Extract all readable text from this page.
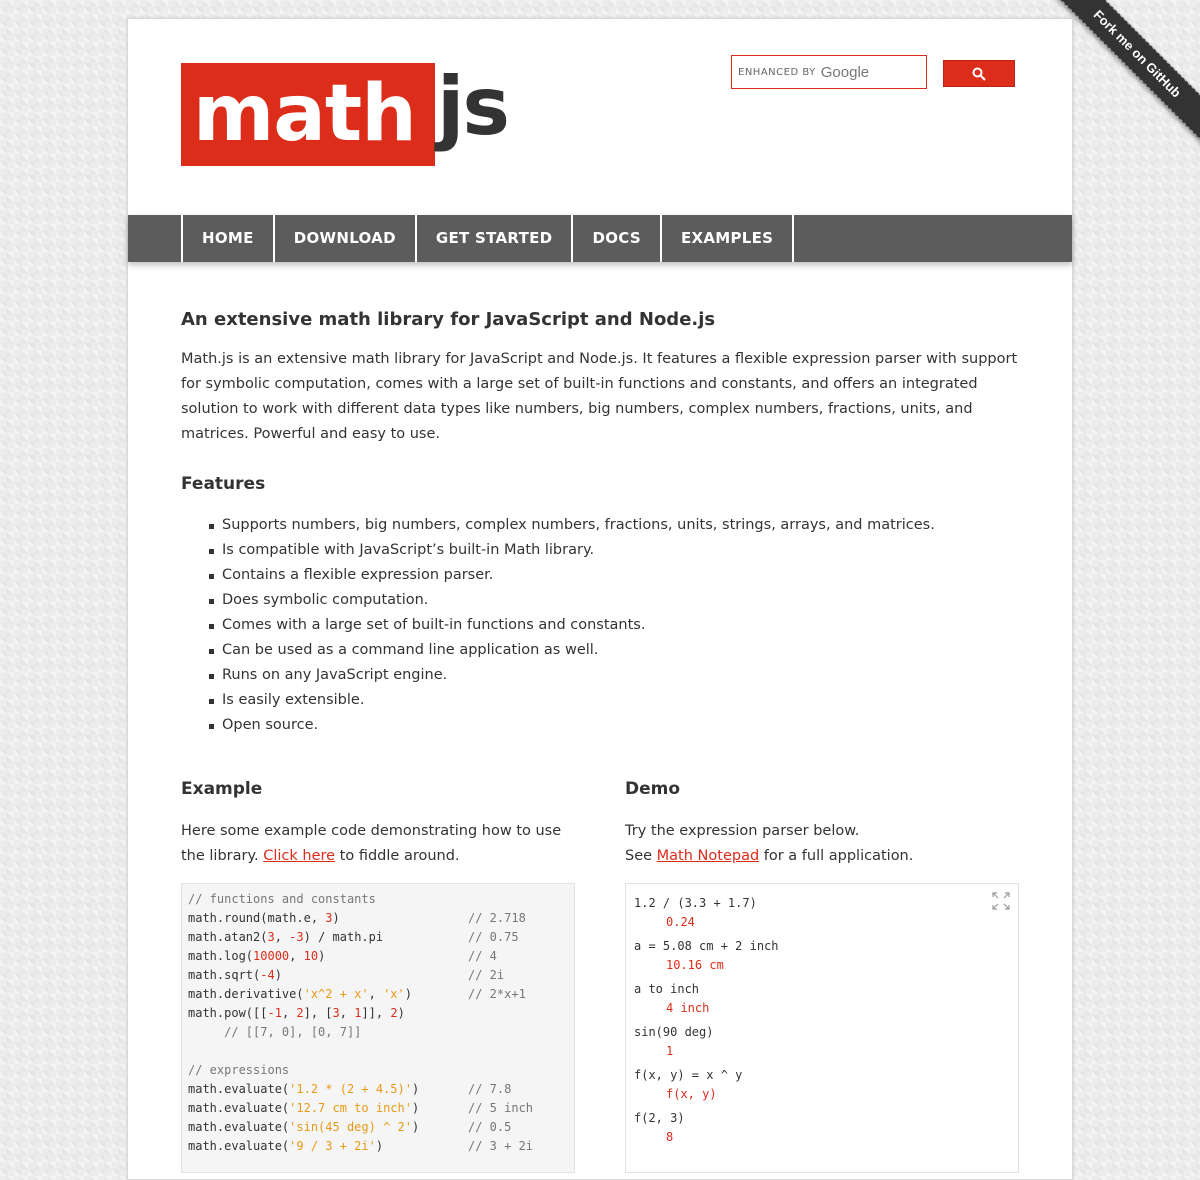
math js	ENHANCED BY Google
HOME	DOWNLOAD	GET STARTED	DOCS	EXAMPLES
An extensive math library for JavaScript and Node.js

Math.js is an extensive math library for JavaScript and Node.js. It features a flexible expression parser with support for symbolic computation, comes with a large set of built-in functions and constants, and offers an integrated solution to work with different data types like numbers, big numbers, complex numbers, fractions, units, and matrices. Powerful and easy to use.

Features
Supports numbers, big numbers, complex numbers, fractions, units, strings, arrays, and matrices.
Is compatible with JavaScript’s built-in Math library.
Contains a flexible expression parser.
Does symbolic computation.
Comes with a large set of built-in functions and constants.
Can be used as a command line application as well.
Runs on any JavaScript engine.
Is easily extensible.
Open source.
Example

Here some example code demonstrating how to use the library. Click here to fiddle around.

// functions and constants
math.round(math.e, 3)	// 2.718
math.atan2(3, -3) / math.pi	// 0.75
math.log(10000, 10)	// 4
math.sqrt(-4)	// 2i
math.derivative('x^2 + x', 'x')	// 2*x+1
math.pow([[-1, 2], [3, 1]], 2)
// [[7, 0], [0, 7]]
// expressions
math.evaluate('1.2 * (2 + 4.5)')	// 7.8
math.evaluate('12.7 cm to inch')	// 5 inch
math.evaluate('sin(45 deg) ^ 2')	// 0.5
math.evaluate('9 / 3 + 2i')	// 3 + 2i
Demo

Try the expression parser below.
See Math Notepad for a full application.

1.2 / (3.3 + 1.7)
0.24
a = 5.08 cm + 2 inch
10.16 cm
a to inch
4 inch
sin(90 deg)
1
f(x, y) = x ^ y
f(x, y)
f(2, 3)
8
Fork me on GitHub
